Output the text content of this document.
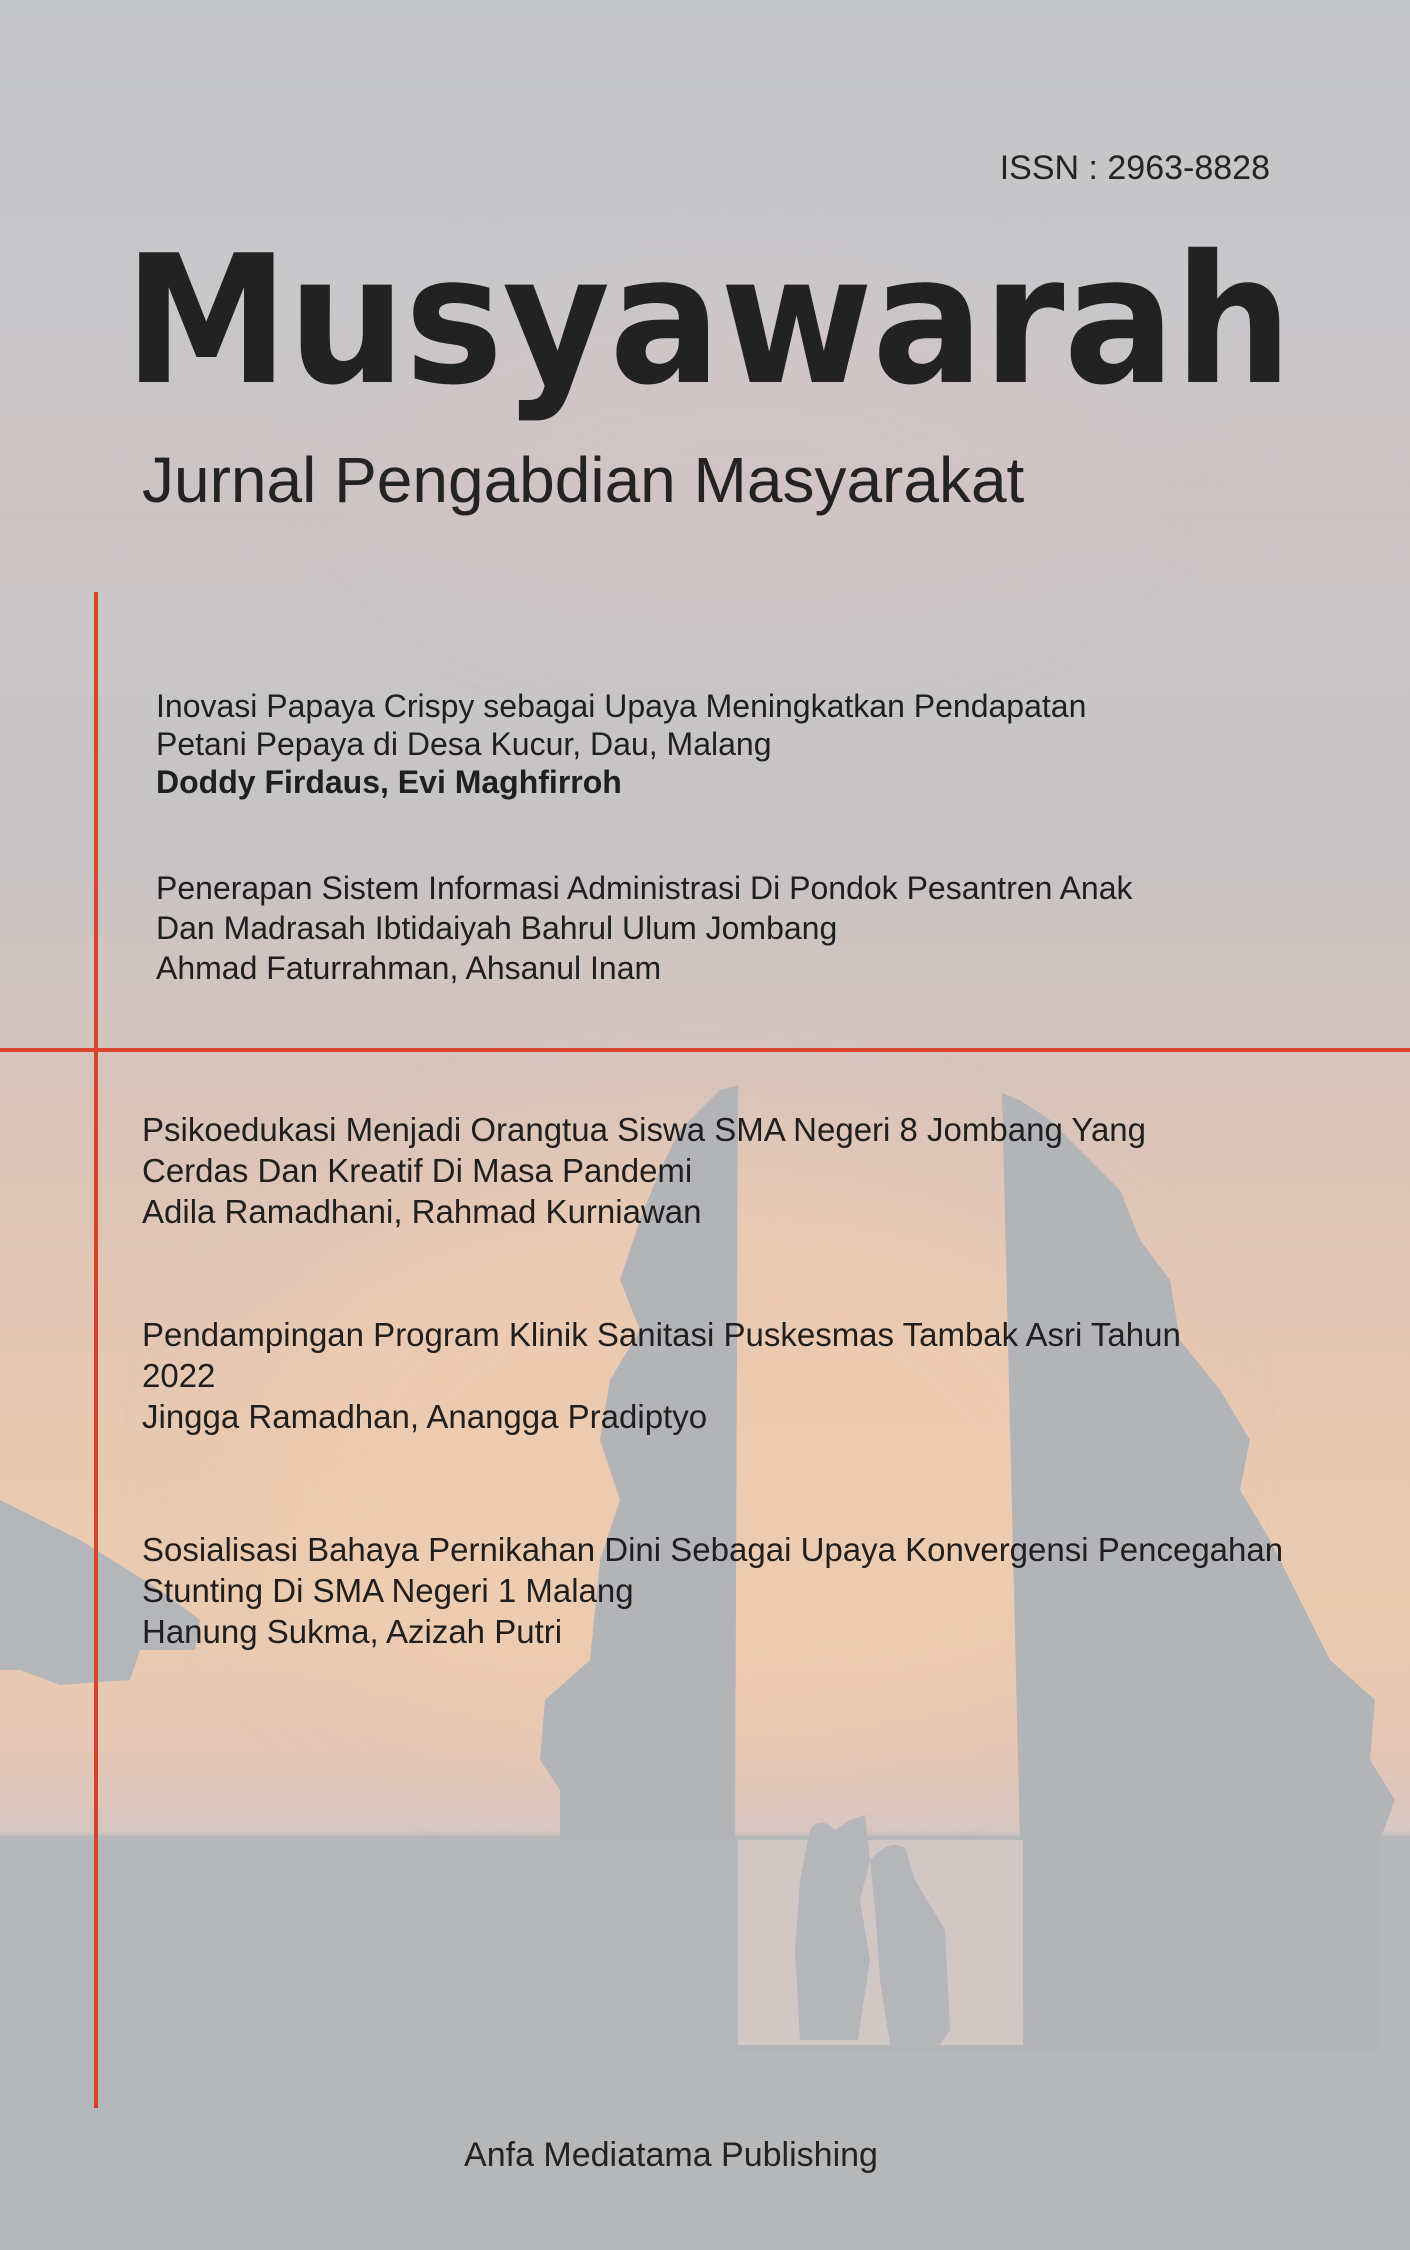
ISSN : 2963-8828
Musyawarah
Jurnal Pengabdian Masyarakat
Inovasi Papaya Crispy sebagai Upaya Meningkatkan Pendapatan
Petani Pepaya di Desa Kucur, Dau, Malang
Doddy Firdaus, Evi Maghfirroh
Penerapan Sistem Informasi Administrasi Di Pondok Pesantren Anak
Dan Madrasah Ibtidaiyah Bahrul Ulum Jombang
Ahmad Faturrahman, Ahsanul Inam
Psikoedukasi Menjadi Orangtua Siswa SMA Negeri 8 Jombang Yang
Cerdas Dan Kreatif Di Masa Pandemi
Adila Ramadhani, Rahmad Kurniawan
Pendampingan Program Klinik Sanitasi Puskesmas Tambak Asri Tahun
2022
Jingga Ramadhan, Anangga Pradiptyo
Sosialisasi Bahaya Pernikahan Dini Sebagai Upaya Konvergensi Pencegahan
Stunting Di SMA Negeri 1 Malang
Hanung Sukma, Azizah Putri
Anfa Mediatama Publishing
